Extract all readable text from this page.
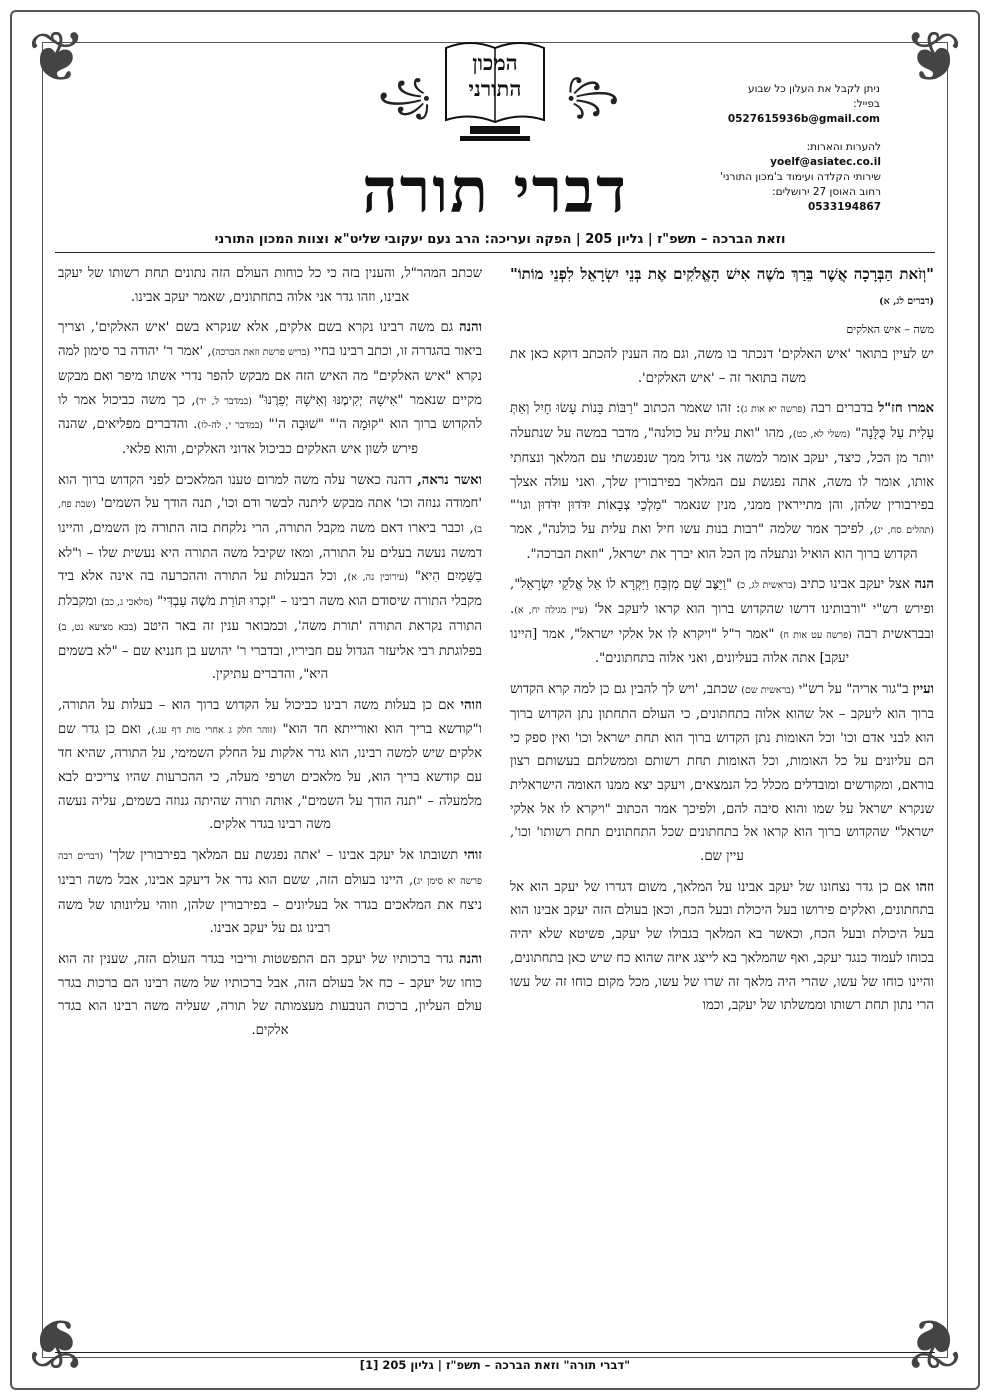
❦	❦
❦	❦
המכון
התורני
꧁	꧂
דברי תורה
ניתן לקבל את העלון כל שבוע
בפייל: 0527615936b@gmail.com
להערות והארות: yoelf@asiatec.co.il
שירותי הקלדה ועימוד ב'מכון התורני'
רחוב האוסן 27 ירושלים: 0533194867
וזאת הברכה – תשפ"ז | גליון 205 | הפקה ועריכה: הרב נעם יעקובי שליט"א וצוות המכון התורני

"וְזֹאת הַבְּרָכָה אֲשֶׁר בֵּרַךְ מֹשֶׁה אִישׁ הָאֱלֹקִים אֶת בְּנֵי יִשְׂרָאֵל לִפְנֵי מוֹתוֹ" (דברים לג, א)

משה – איש האלקים

יש לעיין בתואר 'איש האלקים' דנכתר בו משה, וגם מה הענין להכתב דוקא כאן את משה בתואר זה – 'איש האלקים'.

אמרו חז"ל בדברים רבה (פרשה יא אות ג): זהו שאמר הכתוב "רַבּוֹת בָּנוֹת עָשׂוּ חָיִל וְאַתְּ עָלִית עַל כֻּלָּנָה" (משלי לא, כט), מהו "ואת עלית על כולנה", מדבר במשה על שנתעלה יותר מן הכל, כיצד, יעקב אומר למשה אני גדול ממך שנפגשתי עם המלאך ונצחתי אותו, אומר לו משה, אתה נפגשת עם המלאך בפירבורין שלך, ואני עולה אצלך בפירבורין שלהן, והן מתייראין ממני, מנין שנאמר "מַלְכֵי צְבָאוֹת יִדֹּדוּן יִדֹּדוּן וגו'" (תהלים סח, יג), לפיכך אמר שלמה "רבות בנות עשו חיל ואת עלית על כולנה", אמר הקדוש ברוך הוא הואיל ונתעלה מן הכל הוא יברך את ישראל, "וזאת הברכה".

הנה אצל יעקב אבינו כתיב (בראשית לג, כ) "וַיַּצֶּב שָׁם מִזְבֵּחַ וַיִּקְרָא לוֹ אֵל אֱלֹקֵי יִשְׂרָאֵל", ופירש רש"י "ורבותינו דרשו שהקדוש ברוך הוא קראו ליעקב אל' (עיין מגילה יח, א). ובבראשית רבה (פרשה עט אות ח) "אמר ר"ל "ויקרא לו אל אלקי ישראל", אמר [היינו יעקב] אתה אלוה בעליונים, ואני אלוה בתחתונים".

ועיין ב"גור אריה" על רש"י (בראשית שם) שכתב, 'ויש לך להבין גם כן למה קרא הקדוש ברוך הוא ליעקב – אל שהוא אלוה בתחתונים, כי העולם התחתון נתן הקדוש ברוך הוא לבני אדם וכו' וכל האומות נתן הקדוש ברוך הוא תחת ישראל וכו' ואין ספק כי הם עליונים על כל האומות, וכל האומות תחת רשותם וממשלתם בעשותם רצון בוראם, ומקודשים ומובדלים מכלל כל הנמצאים, ויעקב יצא ממנו האומה הישראלית שנקרא ישראל על שמו והוא סיבה להם, ולפיכך אמר הכתוב "ויקרא לו אל אלקי ישראל" שהקדוש ברוך הוא קראו אל בתחתונים שכל התחתונים תחת רשותו' וכו', עיין שם.

וזהו אם כן גדר נצחונו של יעקב אבינו על המלאך, משום דגדרו של יעקב הוא אל בתחתונים, ואלקים פירושו בעל היכולת ובעל הכח, וכאן בעולם הזה יעקב אבינו הוא בעל היכולת ובעל הכח, וכאשר בא המלאך בגבולו של יעקב, פשיטא שלא יהיה בכוחו לעמוד כנגד יעקב, ואף שהמלאך בא לייצג איזה שהוא כח שיש כאן בתחתונים, והיינו כוחו של עשו, שהרי היה מלאך זה שרו של עשו, מכל מקום כוחו זה של עשו הרי נתון תחת רשותו וממשלתו של יעקב, וכמו

שכתב המהר"ל, והענין בזה כי כל כוחות העולם הזה נתונים תחת רשותו של יעקב אבינו, וזהו גדר אני אלוה בתחתונים, שאמר יעקב אבינו.

והנה גם משה רבינו נקרא בשם אלקים, אלא שנקרא בשם 'איש האלקים', וצריך ביאור בהגדרה זו, וכתב רבינו בחיי (בריש פרשת וזאת הברכה), 'אמר ר' יהודה בר סימון למה נקרא "איש האלקים" מה האיש הזה אם מבקש להפר נדרי אשתו מיפר ואם מבקש מקיים שנאמר "אִישָׁהּ יְקִימֶנּוּ וְאִישָׁהּ יְפֵרֶנּוּ" (במדבר ל, יד), כך משה כביכול אמר לו להקדוש ברוך הוא "קוּמָה ה'" "שׁוּבָה ה'" (במדבר י, לה-לו). והדברים מפליאים, שהנה פירש לשון איש האלקים כביכול אדוני האלקים, והוא פלאי.

ואשר נראה, דהנה כאשר עלה משה למרום טענו המלאכים לפני הקדוש ברוך הוא 'חמודה גנוזה וכו' אתה מבקש ליתנה לבשר ודם וכו', תנה הודך על השמים' (שבת פח, ב), וכבר ביארו דאם משה מקבל התורה, הרי נלקחת בזה התורה מן השמים, והיינו דמשה נעשה בעלים על התורה, ומאז שקיבל משה התורה היא נעשית שלו – ו"לא בַשָּׁמַיִם הִיא" (עירובין נה, א), וכל הבעלות על התורה וההכרעה בה אינה אלא ביד מקבלי התורה שיסודם הוא משה רבינו – "זִכְרוּ תּוֹרַת מֹשֶׁה עַבְדִּי" (מלאכי ג, כב) ומקבלת התורה נקראת התורה 'תורת משה', וכמבואר ענין זה באר היטב (בבא מציעא נט, ב) בפלוגתת רבי אליעזר הגדול עם חביריו, ובדברי ר' יהושע בן חנניא שם – "לא בשמים היא", והדברים עתיקין.

וזוהי אם כן בעלות משה רבינו כביכול על הקדוש ברוך הוא – בעלות על התורה, ו"קודשא בריך הוא ואורייתא חד הוא" (זוהר חלק ג אחרי מות דף עג.), ואם כן גדר שם אלקים שיש למשה רבינו, הוא גדר אלקות על החלק השמימי, על התורה, שהיא חד עם קודשא בריך הוא, על מלאכים ושרפי מעלה, כי ההכרעות שהיו צריכים לבא מלמעלה – "תנה הודך על השמים", אותה תורה שהיתה גנוזה בשמים, עליה נעשה משה רבינו בגדר אלקים.

זוהי תשובתו אל יעקב אבינו – 'אתה נפגשת עם המלאך בפירבורין שלך' (דברים רבה פרשה יא סימן יג), היינו בעולם הזה, ששם הוא גדר אל דיעקב אבינו, אבל משה רבינו ניצח את המלאכים בגדר אל בעליונים – בפירבורין שלהן, וזוהי עליונותו של משה רבינו גם על יעקב אבינו.

והנה גדר ברכותיו של יעקב הם התפשטות וריבוי בגדר העולם הזה, שענין זה הוא כוחו של יעקב – כח אל בעולם הזה, אבל ברכותיו של משה רבינו הם ברכות בגדר עולם העליון, ברכות הנובעות מעצמותה של תורה, שעליה משה רבינו הוא בגדר אלקים.

"דברי תורה" וזאת הברכה – תשפ"ז | גליון 205 [1]
